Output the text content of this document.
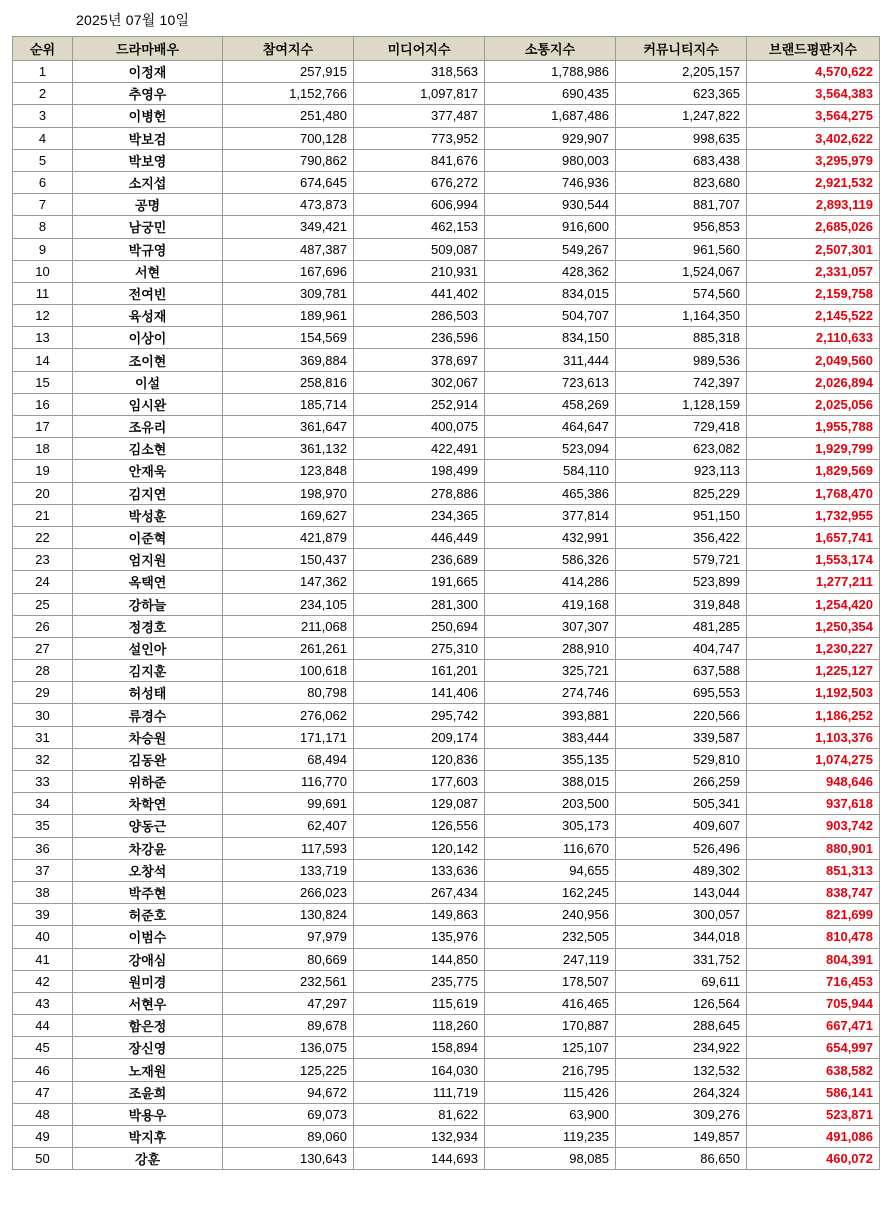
2025년 07월 10일
순위	드라마배우	참여지수	미디어지수	소통지수	커뮤니티지수	브랜드평판지수
1	이정재	257,915	318,563	1,788,986	2,205,157	4,570,622
2	추영우	1,152,766	1,097,817	690,435	623,365	3,564,383
3	이병헌	251,480	377,487	1,687,486	1,247,822	3,564,275
4	박보검	700,128	773,952	929,907	998,635	3,402,622
5	박보영	790,862	841,676	980,003	683,438	3,295,979
6	소지섭	674,645	676,272	746,936	823,680	2,921,532
7	공명	473,873	606,994	930,544	881,707	2,893,119
8	남궁민	349,421	462,153	916,600	956,853	2,685,026
9	박규영	487,387	509,087	549,267	961,560	2,507,301
10	서현	167,696	210,931	428,362	1,524,067	2,331,057
11	전여빈	309,781	441,402	834,015	574,560	2,159,758
12	육성재	189,961	286,503	504,707	1,164,350	2,145,522
13	이상이	154,569	236,596	834,150	885,318	2,110,633
14	조이현	369,884	378,697	311,444	989,536	2,049,560
15	이설	258,816	302,067	723,613	742,397	2,026,894
16	임시완	185,714	252,914	458,269	1,128,159	2,025,056
17	조유리	361,647	400,075	464,647	729,418	1,955,788
18	김소현	361,132	422,491	523,094	623,082	1,929,799
19	안재욱	123,848	198,499	584,110	923,113	1,829,569
20	김지연	198,970	278,886	465,386	825,229	1,768,470
21	박성훈	169,627	234,365	377,814	951,150	1,732,955
22	이준혁	421,879	446,449	432,991	356,422	1,657,741
23	엄지원	150,437	236,689	586,326	579,721	1,553,174
24	옥택연	147,362	191,665	414,286	523,899	1,277,211
25	강하늘	234,105	281,300	419,168	319,848	1,254,420
26	정경호	211,068	250,694	307,307	481,285	1,250,354
27	설인아	261,261	275,310	288,910	404,747	1,230,227
28	김지훈	100,618	161,201	325,721	637,588	1,225,127
29	허성태	80,798	141,406	274,746	695,553	1,192,503
30	류경수	276,062	295,742	393,881	220,566	1,186,252
31	차승원	171,171	209,174	383,444	339,587	1,103,376
32	김동완	68,494	120,836	355,135	529,810	1,074,275
33	위하준	116,770	177,603	388,015	266,259	948,646
34	차학연	99,691	129,087	203,500	505,341	937,618
35	양동근	62,407	126,556	305,173	409,607	903,742
36	차강윤	117,593	120,142	116,670	526,496	880,901
37	오창석	133,719	133,636	94,655	489,302	851,313
38	박주현	266,023	267,434	162,245	143,044	838,747
39	허준호	130,824	149,863	240,956	300,057	821,699
40	이범수	97,979	135,976	232,505	344,018	810,478
41	강애심	80,669	144,850	247,119	331,752	804,391
42	원미경	232,561	235,775	178,507	69,611	716,453
43	서현우	47,297	115,619	416,465	126,564	705,944
44	함은정	89,678	118,260	170,887	288,645	667,471
45	장신영	136,075	158,894	125,107	234,922	654,997
46	노재원	125,225	164,030	216,795	132,532	638,582
47	조윤희	94,672	111,719	115,426	264,324	586,141
48	박용우	69,073	81,622	63,900	309,276	523,871
49	박지후	89,060	132,934	119,235	149,857	491,086
50	강훈	130,643	144,693	98,085	86,650	460,072
